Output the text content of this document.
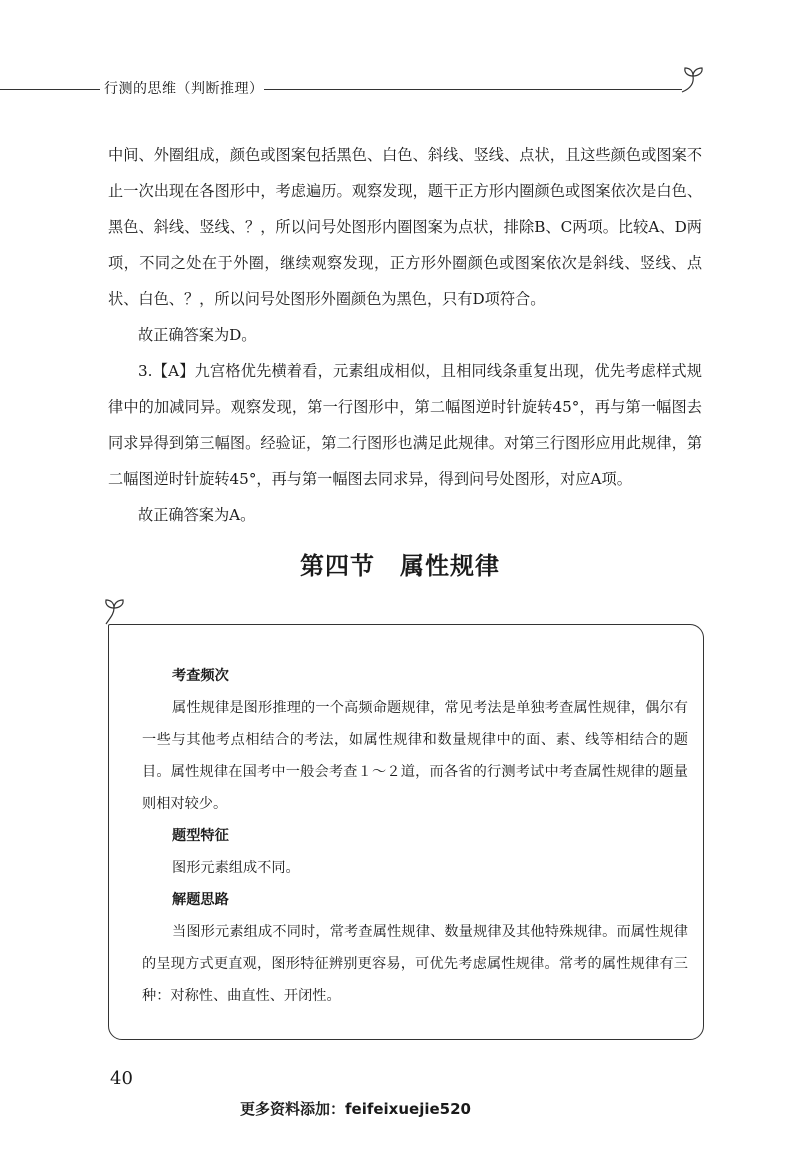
行测的思维（判断推理）

中间、外圈组成，颜色或图案包括黑色、白色、斜线、竖线、点状，且这些颜色或图案不止一次出现在各图形中，考虑遍历。观察发现，题干正方形内圈颜色或图案依次是白色、黑色、斜线、竖线、？，所以问号处图形内圈图案为点状，排除B、C两项。比较A、D两项，不同之处在于外圈，继续观察发现，正方形外圈颜色或图案依次是斜线、竖线、点状、白色、？，所以问号处图形外圈颜色为黑色，只有D项符合。

故正确答案为D。

3.【A】九宫格优先横着看，元素组成相似，且相同线条重复出现，优先考虑样式规律中的加减同异。观察发现，第一行图形中，第二幅图逆时针旋转45°，再与第一幅图去同求异得到第三幅图。经验证，第二行图形也满足此规律。对第三行图形应用此规律，第二幅图逆时针旋转45°，再与第一幅图去同求异，得到问号处图形，对应A项。

故正确答案为A。

第四节　属性规律

考查频次

属性规律是图形推理的一个高频命题规律，常见考法是单独考查属性规律，偶尔有一些与其他考点相结合的考法，如属性规律和数量规律中的面、素、线等相结合的题目。属性规律在国考中一般会考查１～２道，而各省的行测考试中考查属性规律的题量则相对较少。

题型特征

图形元素组成不同。

解题思路

当图形元素组成不同时，常考查属性规律、数量规律及其他特殊规律。而属性规律的呈现方式更直观，图形特征辨别更容易，可优先考虑属性规律。常考的属性规律有三种：对称性、曲直性、开闭性。

40
更多资料添加：feifeixuejie520
